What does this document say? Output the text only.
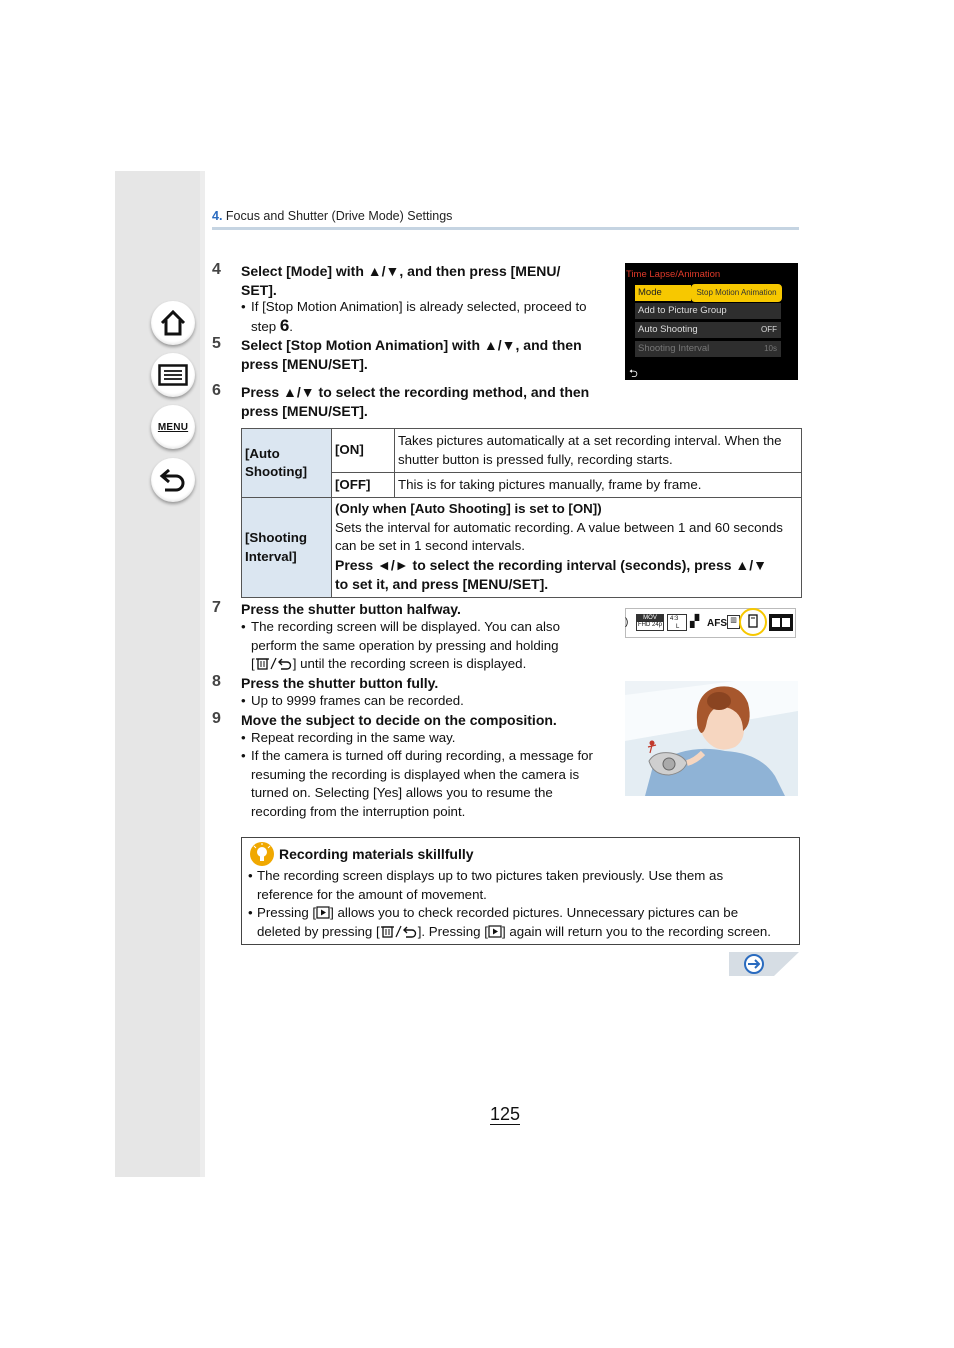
MENU
4. Focus and Shutter (Drive Mode) Settings
4 Select [Mode] with ▲/▼, and then press [MENU/
SET].
• If [Stop Motion Animation] is already selected, proceed to
step 6.
5 Select [Stop Motion Animation] with ▲/▼, and then
press [MENU/SET].
6 Press ▲/▼ to select the recording method, and then
press [MENU/SET].
Time Lapse/Animation
Mode	Stop Motion Animation
Add to Picture Group
Auto Shooting	OFF
Shooting Interval	10s
⮌
[Auto
Shooting]	[ON]	Takes pictures automatically at a set recording interval. When the
shutter button is pressed fully, recording starts.
	[OFF]	This is for taking pictures manually, frame by frame.
[Shooting
Interval]	(Only when [Auto Shooting] is set to [ON])
Sets the interval for automatic recording. A value between 1 and 60 seconds
can be set in 1 second intervals.
Press ◄/► to select the recording interval (seconds), press ▲/▼
to set it, and press [MENU/SET].	
7 Press the shutter button halfway.
• The recording screen will be displayed. You can also
perform the same operation by pressing and holding
[	] until the recording screen is displayed.
)	MOV
FHD 24p
4:3
L ▞ AFS ▥
8 Press the shutter button fully.
• Up to 9999 frames can be recorded.
9 Move the subject to decide on the composition.
• Repeat recording in the same way.
• If the camera is turned off during recording, a message for
resuming the recording is displayed when the camera is
turned on. Selecting [Yes] allows you to resume the
recording from the interruption point.
Recording materials skillfully
• The recording screen displays up to two pictures taken previously. Use them as
reference for the amount of movement.
• Pressing [ ] allows you to check recorded pictures. Unnecessary pictures can be
deleted by pressing [	]. Pressing [ ] again will return you to the recording screen.
125
